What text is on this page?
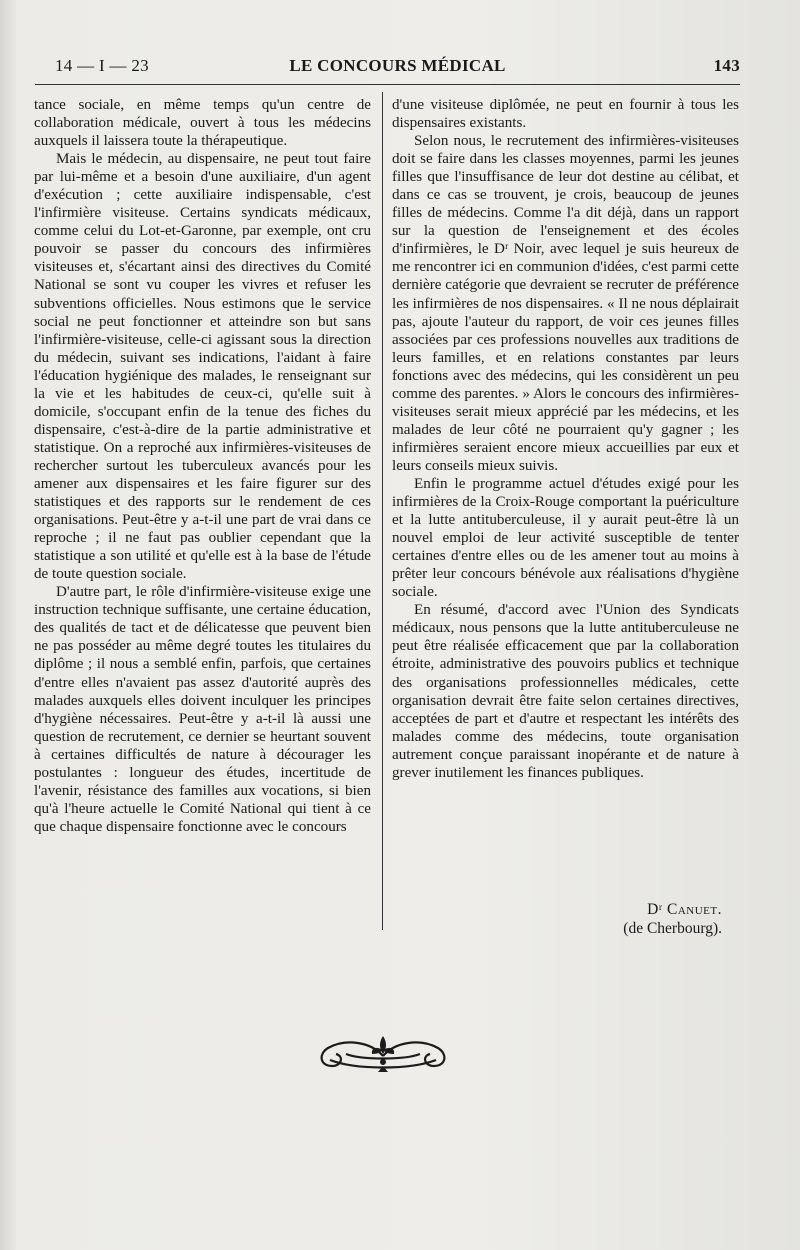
14 — I — 23	LE CONCOURS MÉDICAL	143

tance sociale, en même temps qu'un centre de collaboration médicale, ouvert à tous les médecins auxquels il laissera toute la thérapeutique.

Mais le médecin, au dispensaire, ne peut tout faire par lui-même et a besoin d'une auxiliaire, d'un agent d'exécution ; cette auxiliaire indispensable, c'est l'infirmière visiteuse. Certains syndicats médicaux, comme celui du Lot-et-Garonne, par exemple, ont cru pouvoir se passer du concours des infirmières visiteuses et, s'écartant ainsi des directives du Comité National se sont vu couper les vivres et refuser les subventions officielles. Nous estimons que le service social ne peut fonctionner et atteindre son but sans l'infirmière-visiteuse, celle-ci agissant sous la direction du médecin, suivant ses indications, l'aidant à faire l'éducation hygiénique des malades, le renseignant sur la vie et les habitudes de ceux-ci, qu'elle suit à domicile, s'occupant enfin de la tenue des fiches du dispensaire, c'est-à-dire de la partie administrative et statistique. On a reproché aux infirmières-visiteuses de rechercher surtout les tuberculeux avancés pour les amener aux dispensaires et les faire figurer sur des statistiques et des rapports sur le rendement de ces organisations. Peut-être y a-t-il une part de vrai dans ce reproche ; il ne faut pas oublier cependant que la statistique a son utilité et qu'elle est à la base de l'étude de toute question sociale.

D'autre part, le rôle d'infirmière-visiteuse exige une instruction technique suffisante, une certaine éducation, des qualités de tact et de délicatesse que peuvent bien ne pas posséder au même degré toutes les titulaires du diplôme ; il nous a semblé enfin, parfois, que certaines d'entre elles n'avaient pas assez d'autorité auprès des malades auxquels elles doivent inculquer les principes d'hygiène nécessaires. Peut-être y a-t-il là aussi une question de recrutement, ce dernier se heurtant souvent à certaines difficultés de nature à décourager les postulantes : longueur des études, incertitude de l'avenir, résistance des familles aux vocations, si bien qu'à l'heure actuelle le Comité National qui tient à ce que chaque dispensaire fonctionne avec le concours

d'une visiteuse diplômée, ne peut en fournir à tous les dispensaires existants.

Selon nous, le recrutement des infirmières-visiteuses doit se faire dans les classes moyennes, parmi les jeunes filles que l'insuffisance de leur dot destine au célibat, et dans ce cas se trouvent, je crois, beaucoup de jeunes filles de médecins. Comme l'a dit déjà, dans un rapport sur la question de l'enseignement et des écoles d'infirmières, le Dʳ Noir, avec lequel je suis heureux de me rencontrer ici en communion d'idées, c'est parmi cette dernière catégorie que devraient se recruter de préférence les infirmières de nos dispensaires. « Il ne nous déplairait pas, ajoute l'auteur du rapport, de voir ces jeunes filles associées par ces professions nouvelles aux traditions de leurs familles, et en relations constantes par leurs fonctions avec des médecins, qui les considèrent un peu comme des parentes. » Alors le concours des infirmières-visiteuses serait mieux apprécié par les médecins, et les malades de leur côté ne pourraient qu'y gagner ; les infirmières seraient encore mieux accueillies par eux et leurs conseils mieux suivis.

Enfin le programme actuel d'études exigé pour les infirmières de la Croix-Rouge comportant la puériculture et la lutte antituberculeuse, il y aurait peut-être là un nouvel emploi de leur activité susceptible de tenter certaines d'entre elles ou de les amener tout au moins à prêter leur concours bénévole aux réalisations d'hygiène sociale.

En résumé, d'accord avec l'Union des Syndicats médicaux, nous pensons que la lutte antituberculeuse ne peut être réalisée efficacement que par la collaboration étroite, administrative des pouvoirs publics et technique des organisations professionnelles médicales, cette organisation devrait être faite selon certaines directives, acceptées de part et d'autre et respectant les intérêts des malades comme des médecins, toute organisation autrement conçue paraissant inopérante et de nature à grever inutilement les finances publiques.

Dʳ Canuet.
(de Cherbourg).
